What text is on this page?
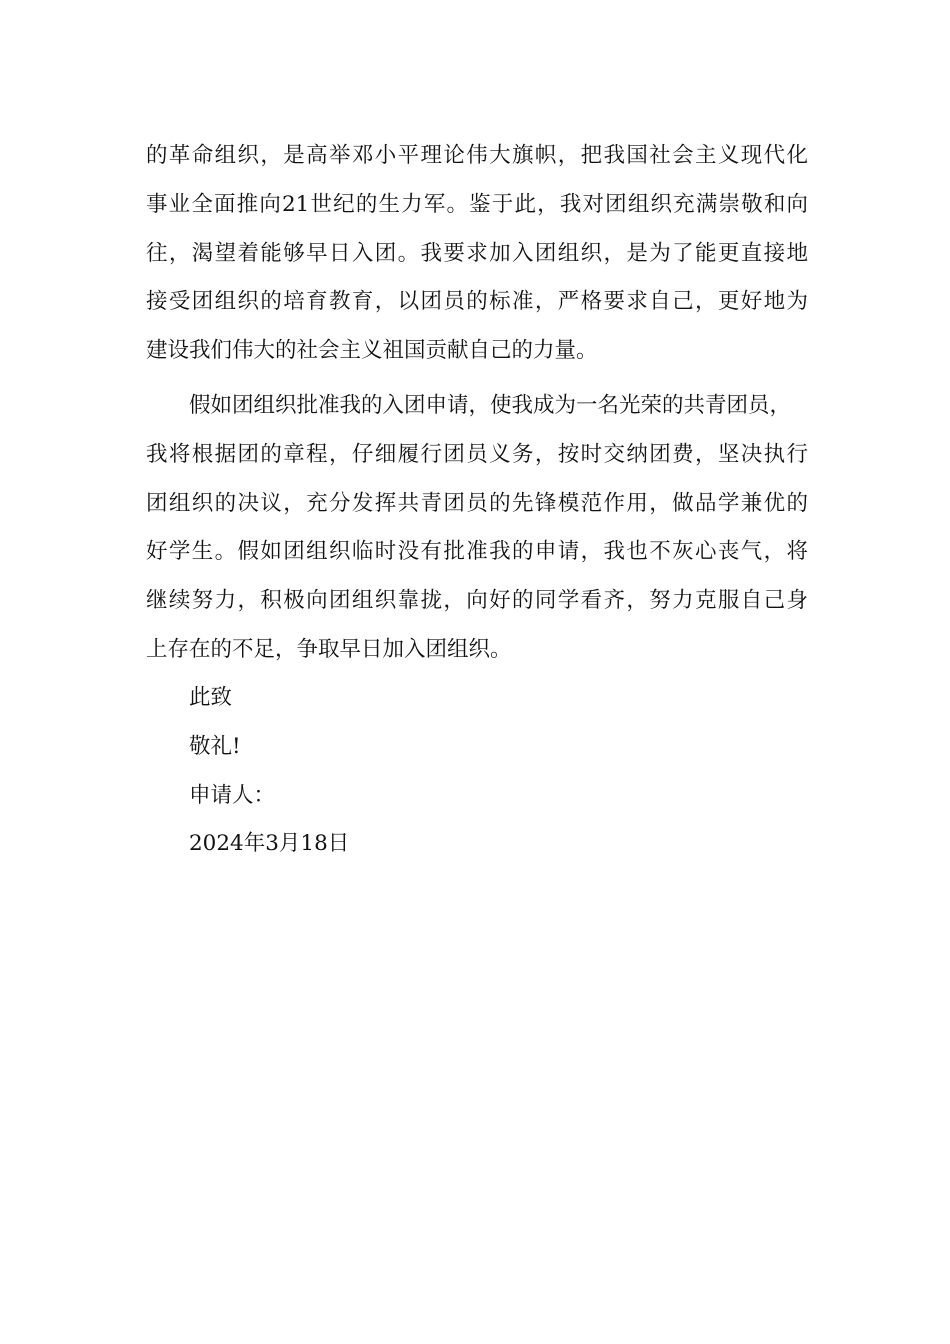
的革命组织，是高举邓小平理论伟大旗帜，把我国社会主义现代化
事业全面推向21世纪的生力军。鉴于此，我对团组织充满崇敬和向
往，渴望着能够早日入团。我要求加入团组织，是为了能更直接地
接受团组织的培育教育，以团员的标准，严格要求自己，更好地为
建设我们伟大的社会主义祖国贡献自己的力量。
假如团组织批准我的入团申请，使我成为一名光荣的共青团员，
我将根据团的章程，仔细履行团员义务，按时交纳团费，坚决执行
团组织的决议，充分发挥共青团员的先锋模范作用，做品学兼优的
好学生。假如团组织临时没有批准我的申请，我也不灰心丧气，将
继续努力，积极向团组织靠拢，向好的同学看齐，努力克服自己身
上存在的不足，争取早日加入团组织。
此致
敬礼!
申请人：
2024年3月18日
